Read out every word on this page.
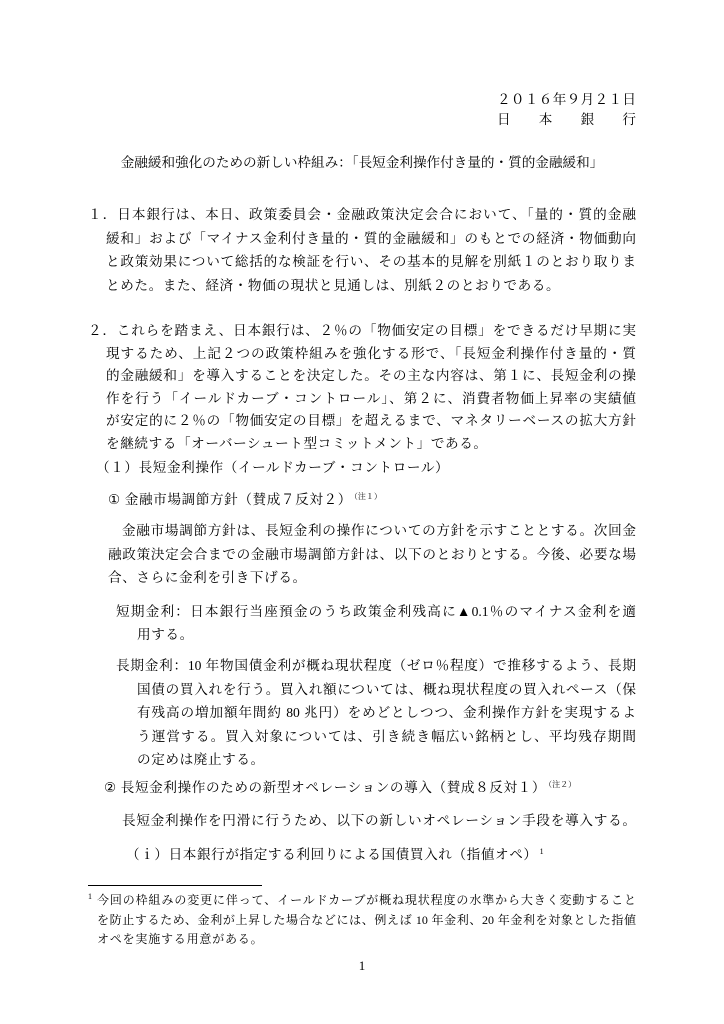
２０１６年９月２１日
日　本　銀　行
金融緩和強化のための新しい枠組み：「長短金利操作付き量的・質的金融緩和」
１．日本銀行は、本日、政策委員会・金融政策決定会合において、「量的・質的金融
緩和」および「マイナス金利付き量的・質的金融緩和」のもとでの経済・物価動向
と政策効果について総括的な検証を行い、その基本的見解を別紙１のとおり取りま
とめた。また、経済・物価の現状と見通しは、別紙２のとおりである。
２．これらを踏まえ、日本銀行は、２％の「物価安定の目標」をできるだけ早期に実
現するため、上記２つの政策枠組みを強化する形で、「長短金利操作付き量的・質
的金融緩和」を導入することを決定した。その主な内容は、第１に、長短金利の操
作を行う「イールドカーブ・コントロール」、第２に、消費者物価上昇率の実績値
が安定的に２％の「物価安定の目標」を超えるまで、マネタリーベースの拡大方針
を継続する「オーバーシュート型コミットメント」である。
（１）長短金利操作（イールドカーブ・コントロール）
① 金融市場調節方針（賛成７反対２） $^{(注1)}$
金融市場調節方針は、長短金利の操作についての方針を示すこととする。次回金
融政策決定会合までの金融市場調節方針は、以下のとおりとする。今後、必要な場
合、さらに金利を引き下げる。
短期金利：日本銀行当座預金のうち政策金利残高に▲0.1％のマイナス金利を適
用する。
長期金利：10 年物国債金利が概ね現状程度（ゼロ％程度）で推移するよう、長期
国債の買入れを行う。買入れ額については、概ね現状程度の買入れペース（保
有残高の増加額年間約 80 兆円）をめどとしつつ、金利操作方針を実現するよ
う運営する。買入対象については、引き続き幅広い銘柄とし、平均残存期間
の定めは廃止する。
② 長短金利操作のための新型オペレーションの導入（賛成８反対１） $^{(注2)}$
長短金利操作を円滑に行うため、以下の新しいオペレーション手段を導入する。
（ｉ）日本銀行が指定する利回りによる国債買入れ（指値オペ） $^1$
1 今回の枠組みの変更に伴って、イールドカーブが概ね現状程度の水準から大きく変動すること
を防止するため、金利が上昇した場合などには、例えば 10 年金利、20 年金利を対象とした指値
オペを実施する用意がある。
1
